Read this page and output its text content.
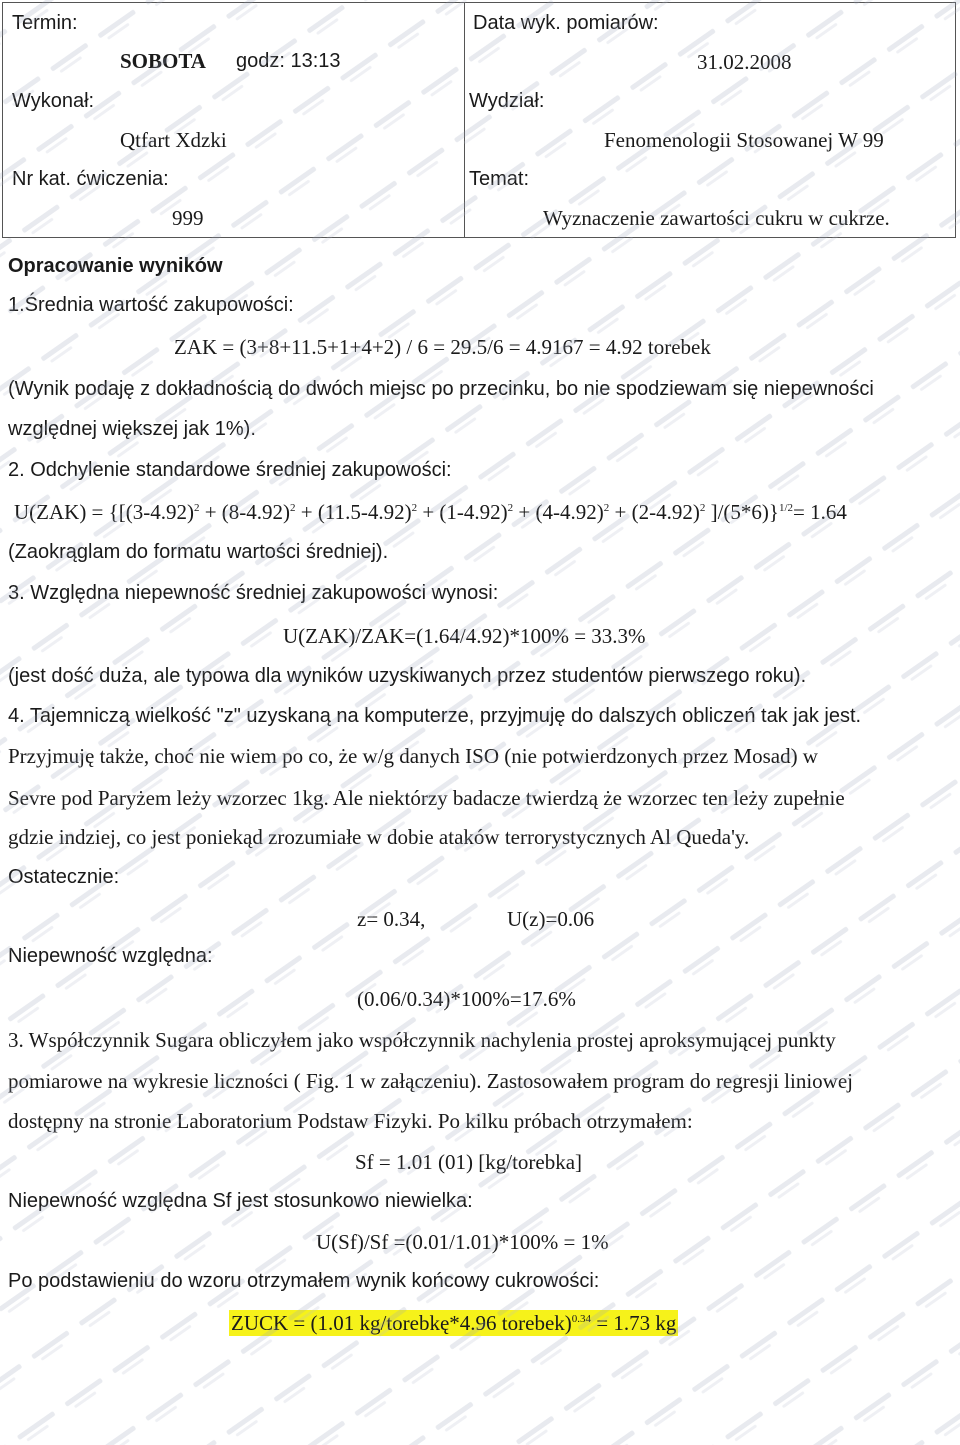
Termin:
SOBOTA godz: 13:13
Wykonał:
Qtfart Xdzki
Nr kat. ćwiczenia:
999
Data wyk. pomiarów:
31.02.2008
Wydział:
Fenomenologii Stosowanej W 99
Temat:
Wyznaczenie zawartości cukru w cukrze.
Opracowanie wyników
1.Średnia wartość zakupowości:
ZAK = (3+8+11.5+1+4+2) / 6 = 29.5/6 = 4.9167 = 4.92 torebek
(Wynik podaję z dokładnością do dwóch miejsc po przecinku, bo nie spodziewam się niepewności
względnej większej jak 1%).
2. Odchylenie standardowe średniej zakupowości:
$U(ZAK) = \{[(3-4.92)^2 + (8-4.92)^2 + (11.5-4.92)^2 + (1-4.92)^2 + (4-4.92)^2 + (2-4.92)^2$ ]/(5*6)}$^{1/2}$= 1.64
(Zaokrąglam do formatu wartości średniej).
3. Względna niepewność średniej zakupowości wynosi:
U(ZAK)/ZAK=(1.64/4.92)*100% = 33.3%
(jest dość duża, ale typowa dla wyników uzyskiwanych przez studentów pierwszego roku).
4. Tajemniczą wielkość "z" uzyskaną na komputerze, przyjmuję do dalszych obliczeń tak jak jest.
Przyjmuję także, choć nie wiem po co, że w/g danych ISO (nie potwierdzonych przez Mosad) w
Sevre pod Paryżem leży wzorzec 1kg. Ale niektórzy badacze twierdzą że wzorzec ten leży zupełnie
gdzie indziej, co jest poniekąd zrozumiałe w dobie ataków terrorystycznych Al Queda'y.
Ostatecznie:
z= 0.34,	U(z)=0.06
Niepewność względna:
(0.06/0.34)*100%=17.6%
3. Współczynnik Sugara obliczyłem jako współczynnik nachylenia prostej aproksymującej punkty
pomiarowe na wykresie liczności ( Fig. 1 w załączeniu). Zastosowałem program do regresji liniowej
dostępny na stronie Laboratorium Podstaw Fizyki. Po kilku próbach otrzymałem:
Sf = 1.01 (01) [kg/torebka]
Niepewność względna Sf jest stosunkowo niewielka:
U(Sf)/Sf =(0.01/1.01)*100% = 1%
Po podstawieniu do wzoru otrzymałem wynik końcowy cukrowości:
ZUCK = (1.01 kg/torebkę*4.96 torebek)$^{0.34}$ = 1.73 kg
